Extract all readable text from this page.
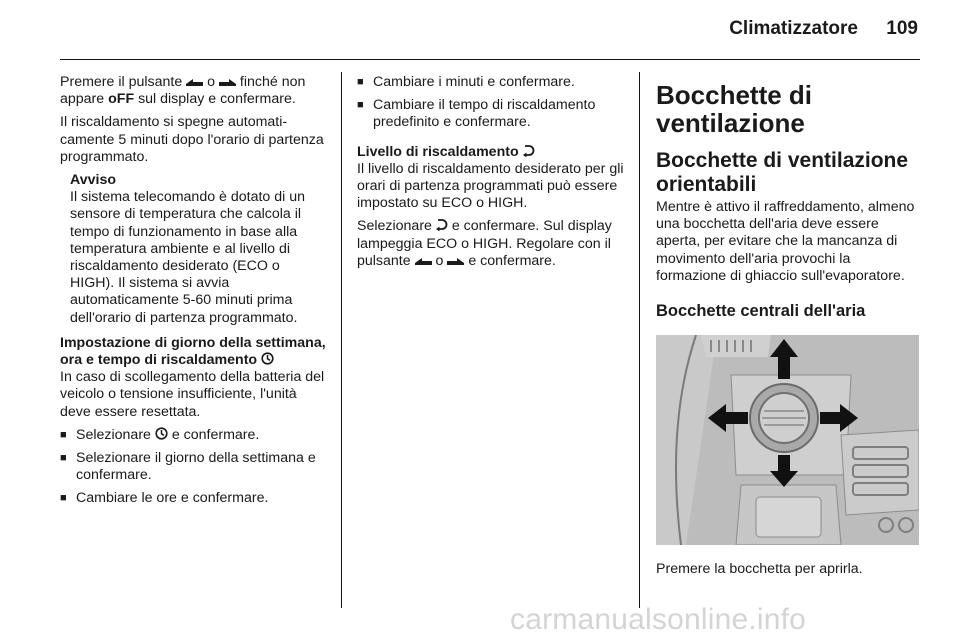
Climatizzatore 109

Premere il pulsante  o  finché non appare oFF sul display e confermare.

Il riscaldamento si spegne automaticamente 5 minuti dopo l'orario di partenza programmato.

Avviso
Il sistema telecomando è dotato di un sensore di temperatura che calcola il tempo di funzionamento in base alla temperatura ambiente e al livello di riscaldamento desiderato (ECO o HIGH). Il sistema si avvia automaticamente 5-60 minuti prima dell'orario di partenza programmato.
Impostazione di giorno della settimana, ora e tempo di riscaldamento

In caso di scollegamento della batteria del veicolo o tensione insufficiente, l'unità deve essere resettata.

■ Selezionare  e confermare.
■ Selezionare il giorno della settimana e confermare.
■ Cambiare le ore e confermare.
■ Cambiare i minuti e confermare.
■ Cambiare il tempo di riscaldamento predefinito e confermare.
Livello di riscaldamento

Il livello di riscaldamento desiderato per gli orari di partenza programmati può essere impostato su ECO o HIGH.

Selezionare  e confermare. Sul display lampeggia ECO o HIGH. Regolare con il pulsante  o  e confermare.

Bocchette di ventilazione
Bocchette di ventilazione orientabili

Mentre è attivo il raffreddamento, almeno una bocchetta dell'aria deve essere aperta, per evitare che la mancanza di movimento dell'aria provochi la formazione di ghiaccio sull'evaporatore.

Bocchette centrali dell'aria

Premere la bocchetta per aprirla.

carmanualsonline.info
